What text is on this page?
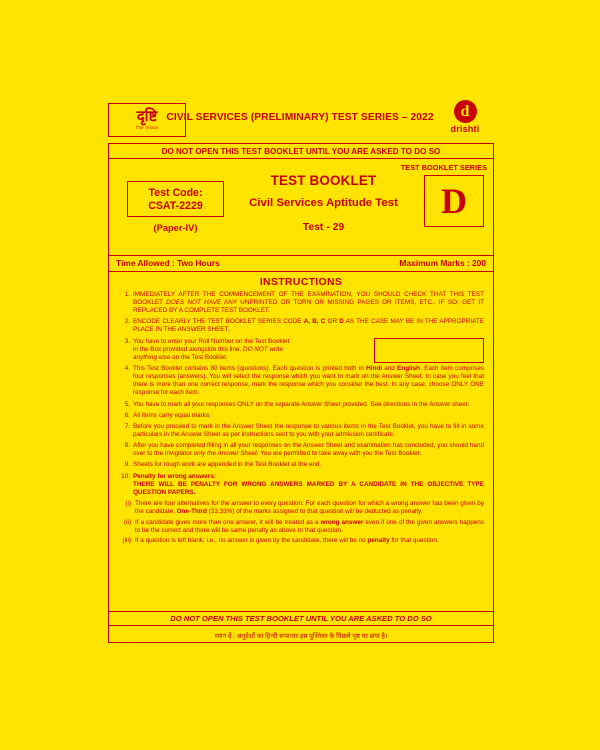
दृष्टि
The Vision
CIVIL SERVICES (PRELIMINARY) TEST SERIES – 2022	d
drishti
DO NOT OPEN THIS TEST BOOKLET UNTIL YOU ARE ASKED TO DO SO
TEST BOOKLET SERIES
D
Test Code:
CSAT-2229
(Paper-IV)
TEST BOOKLET
Civil Services Aptitude Test
Test - 29
Time Allowed : Two Hours	Maximum Marks : 200
INSTRUCTIONS
1. IMMEDIATELY AFTER THE COMMENCEMENT OF THE EXAMINATION, YOU SHOULD CHECK THAT THIS TEST BOOKLET DOES NOT HAVE ANY UNPRINTED OR TORN OR MISSING PAGES OR ITEMS, ETC., IF SO, GET IT REPLACED BY A COMPLETE TEST BOOKLET.
2. ENCODE CLEARLY THE TEST BOOKLET SERIES CODE A, B, C OR D AS THE CASE MAY BE IN THE APPROPRIATE PLACE IN THE ANSWER SHEET.
3. You have to enter your Roll Number on the Test Booklet
in the Box provided alongside this line. DO NOT write
anything else on the Test Booklet.
4. This Test Booklet contains 80 items (questions). Each question is printed both in Hindi and English. Each item comprises four responses (answers). You will select the response which you want to mark on the Answer Sheet. In case you feel that there is more than one correct response, mark the response which you consider the best. In any case, choose ONLY ONE response for each item.
5. You have to mark all your responses ONLY on the separate Answer Sheet provided. See directions in the Answer sheet.
6. All items carry equal marks.
7. Before you proceed to mark in the Answer Sheet the response to various items in the Test Booklet, you have to fill in some particulars in the Answer Sheet as per instructions sent to you with your admission certificate.
8. After you have completed filling in all your responses on the Answer Sheet and examination has concluded, you should hand over to the Invigilator only the Answer Sheet. You are permitted to take away with you the Test Booklet.
9. Sheets for rough work are appended in the Test Booklet at the end.
10. Penalty for wrong answers:
THERE WILL BE PENALTY FOR WRONG ANSWERS MARKED BY A CANDIDATE IN THE OBJECTIVE TYPE QUESTION PAPERS.
(i) There are four alternatives for the answer to every question. For each question for which a wrong answer has been given by the candidate, One-Third (33.33%) of the marks assigned to that question will be deducted as penalty.
(ii) If a candidate gives more than one answer, it will be treated as a wrong answer even if one of the given answers happens to be the correct and there will be same penalty as above to that question.
(iii) If a question is left blank, i.e., no answer is given by the candidate, there will be no penalty for that question.
DO NOT OPEN THIS TEST BOOKLET UNTIL YOU ARE ASKED TO DO SO
ध्यान दें : अनुदेशों का हिन्दी रूपान्तर इस पुस्तिका के पिछले पृष्ठ पर छपा है।
